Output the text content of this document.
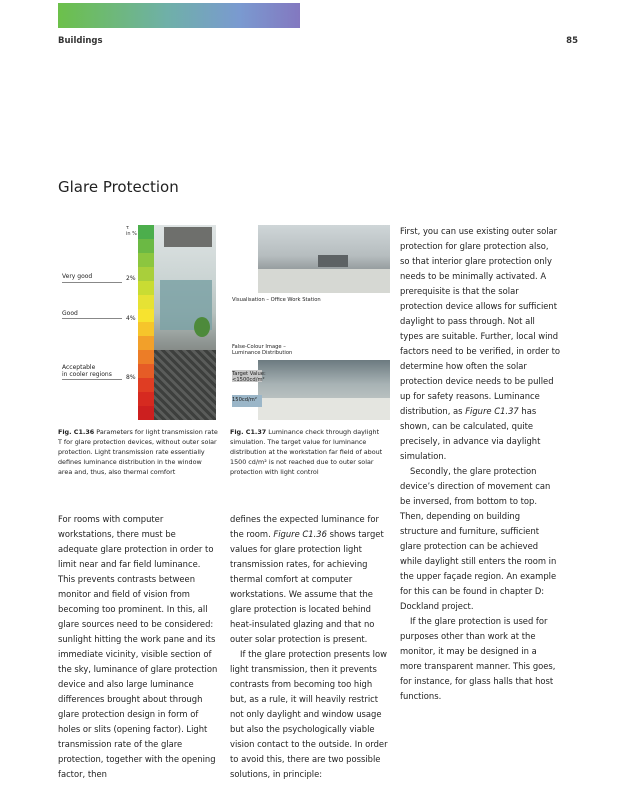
Buildings	85
Glare Protection
τ
in %
Very good	2%
Good
4%
Acceptable
in cooler regions 8%
Visualisation – Office Work Station
False-Colour Image –
Luminance Distribution
Target Value:
<1500cd/m²
150cd/m²

Fig. C1.36 Parameters for light transmission rate T for glare protection devices, without outer solar protection. Light transmission rate essentially defines luminance distribution in the window area and, thus, also thermal comfort

Fig. C1.37 Luminance check through daylight simulation. The target value for luminance distribution at the workstation far field of about 1500 cd/m² is not reached due to outer solar protection with light control

For rooms with computer workstations, there must be adequate glare protection in order to limit near and far field luminance. This prevents contrasts between monitor and field of vision from becoming too prominent. In this, all glare sources need to be considered: sunlight hitting the work pane and its immediate vicinity, visible section of the sky, luminance of glare protection device and also large luminance differences brought about through glare protection design in form of holes or slits (opening factor). Light transmission rate of the glare protection, together with the opening factor, then

defines the expected luminance for the room. Figure C1.36 shows target values for glare protection light transmission rates, for achieving thermal comfort at computer workstations. We assume that the glare protection is located behind heat-insulated glazing and that no outer solar protection is present.

If the glare protection presents low light transmission, then it prevents contrasts from becoming too high but, as a rule, it will heavily restrict not only daylight and window usage but also the psychologically viable vision contact to the outside. In order to avoid this, there are two possible solutions, in principle:

First, you can use existing outer solar protection for glare protection also, so that interior glare protection only needs to be minimally activated. A prerequisite is that the solar protection device allows for sufficient daylight to pass through. Not all types are suitable. Further, local wind factors need to be verified, in order to determine how often the solar protection device needs to be pulled up for safety reasons. Luminance distribution, as Figure C1.37 has shown, can be calculated, quite precisely, in advance via daylight simulation.

Secondly, the glare protection device’s direction of movement can be inversed, from bottom to top. Then, depending on building structure and furniture, sufficient glare protection can be achieved while daylight still enters the room in the upper façade region. An example for this can be found in chapter D: Dockland project.

If the glare protection is used for purposes other than work at the monitor, it may be designed in a more transparent manner. This goes, for instance, for glass halls that host functions.
